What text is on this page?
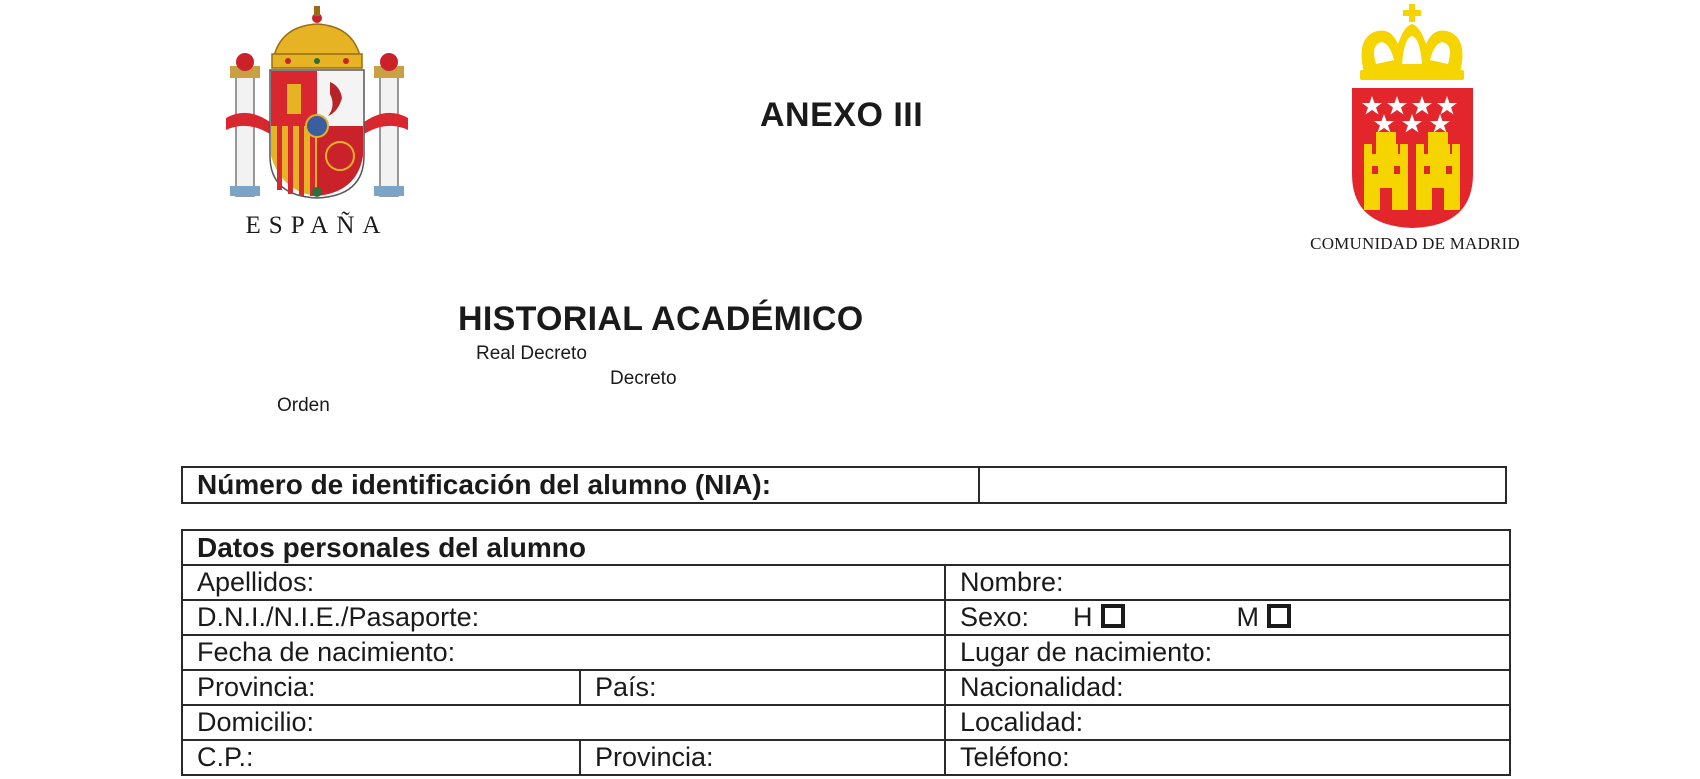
ESPAÑA
ANEXO III
COMUNIDAD DE MADRID
HISTORIAL ACADÉMICO
Real Decreto
Decreto
Orden
Número de identificación del alumno (NIA):	
Datos personales del alumno		
Apellidos:		Nombre:
D.N.I./N.I.E./Pasaporte:		Sexo: H M
Fecha de nacimiento:		Lugar de nacimiento:
Provincia:	País:	Nacionalidad:
Domicilio:		Localidad:
C.P.:	Provincia:	Teléfono:
